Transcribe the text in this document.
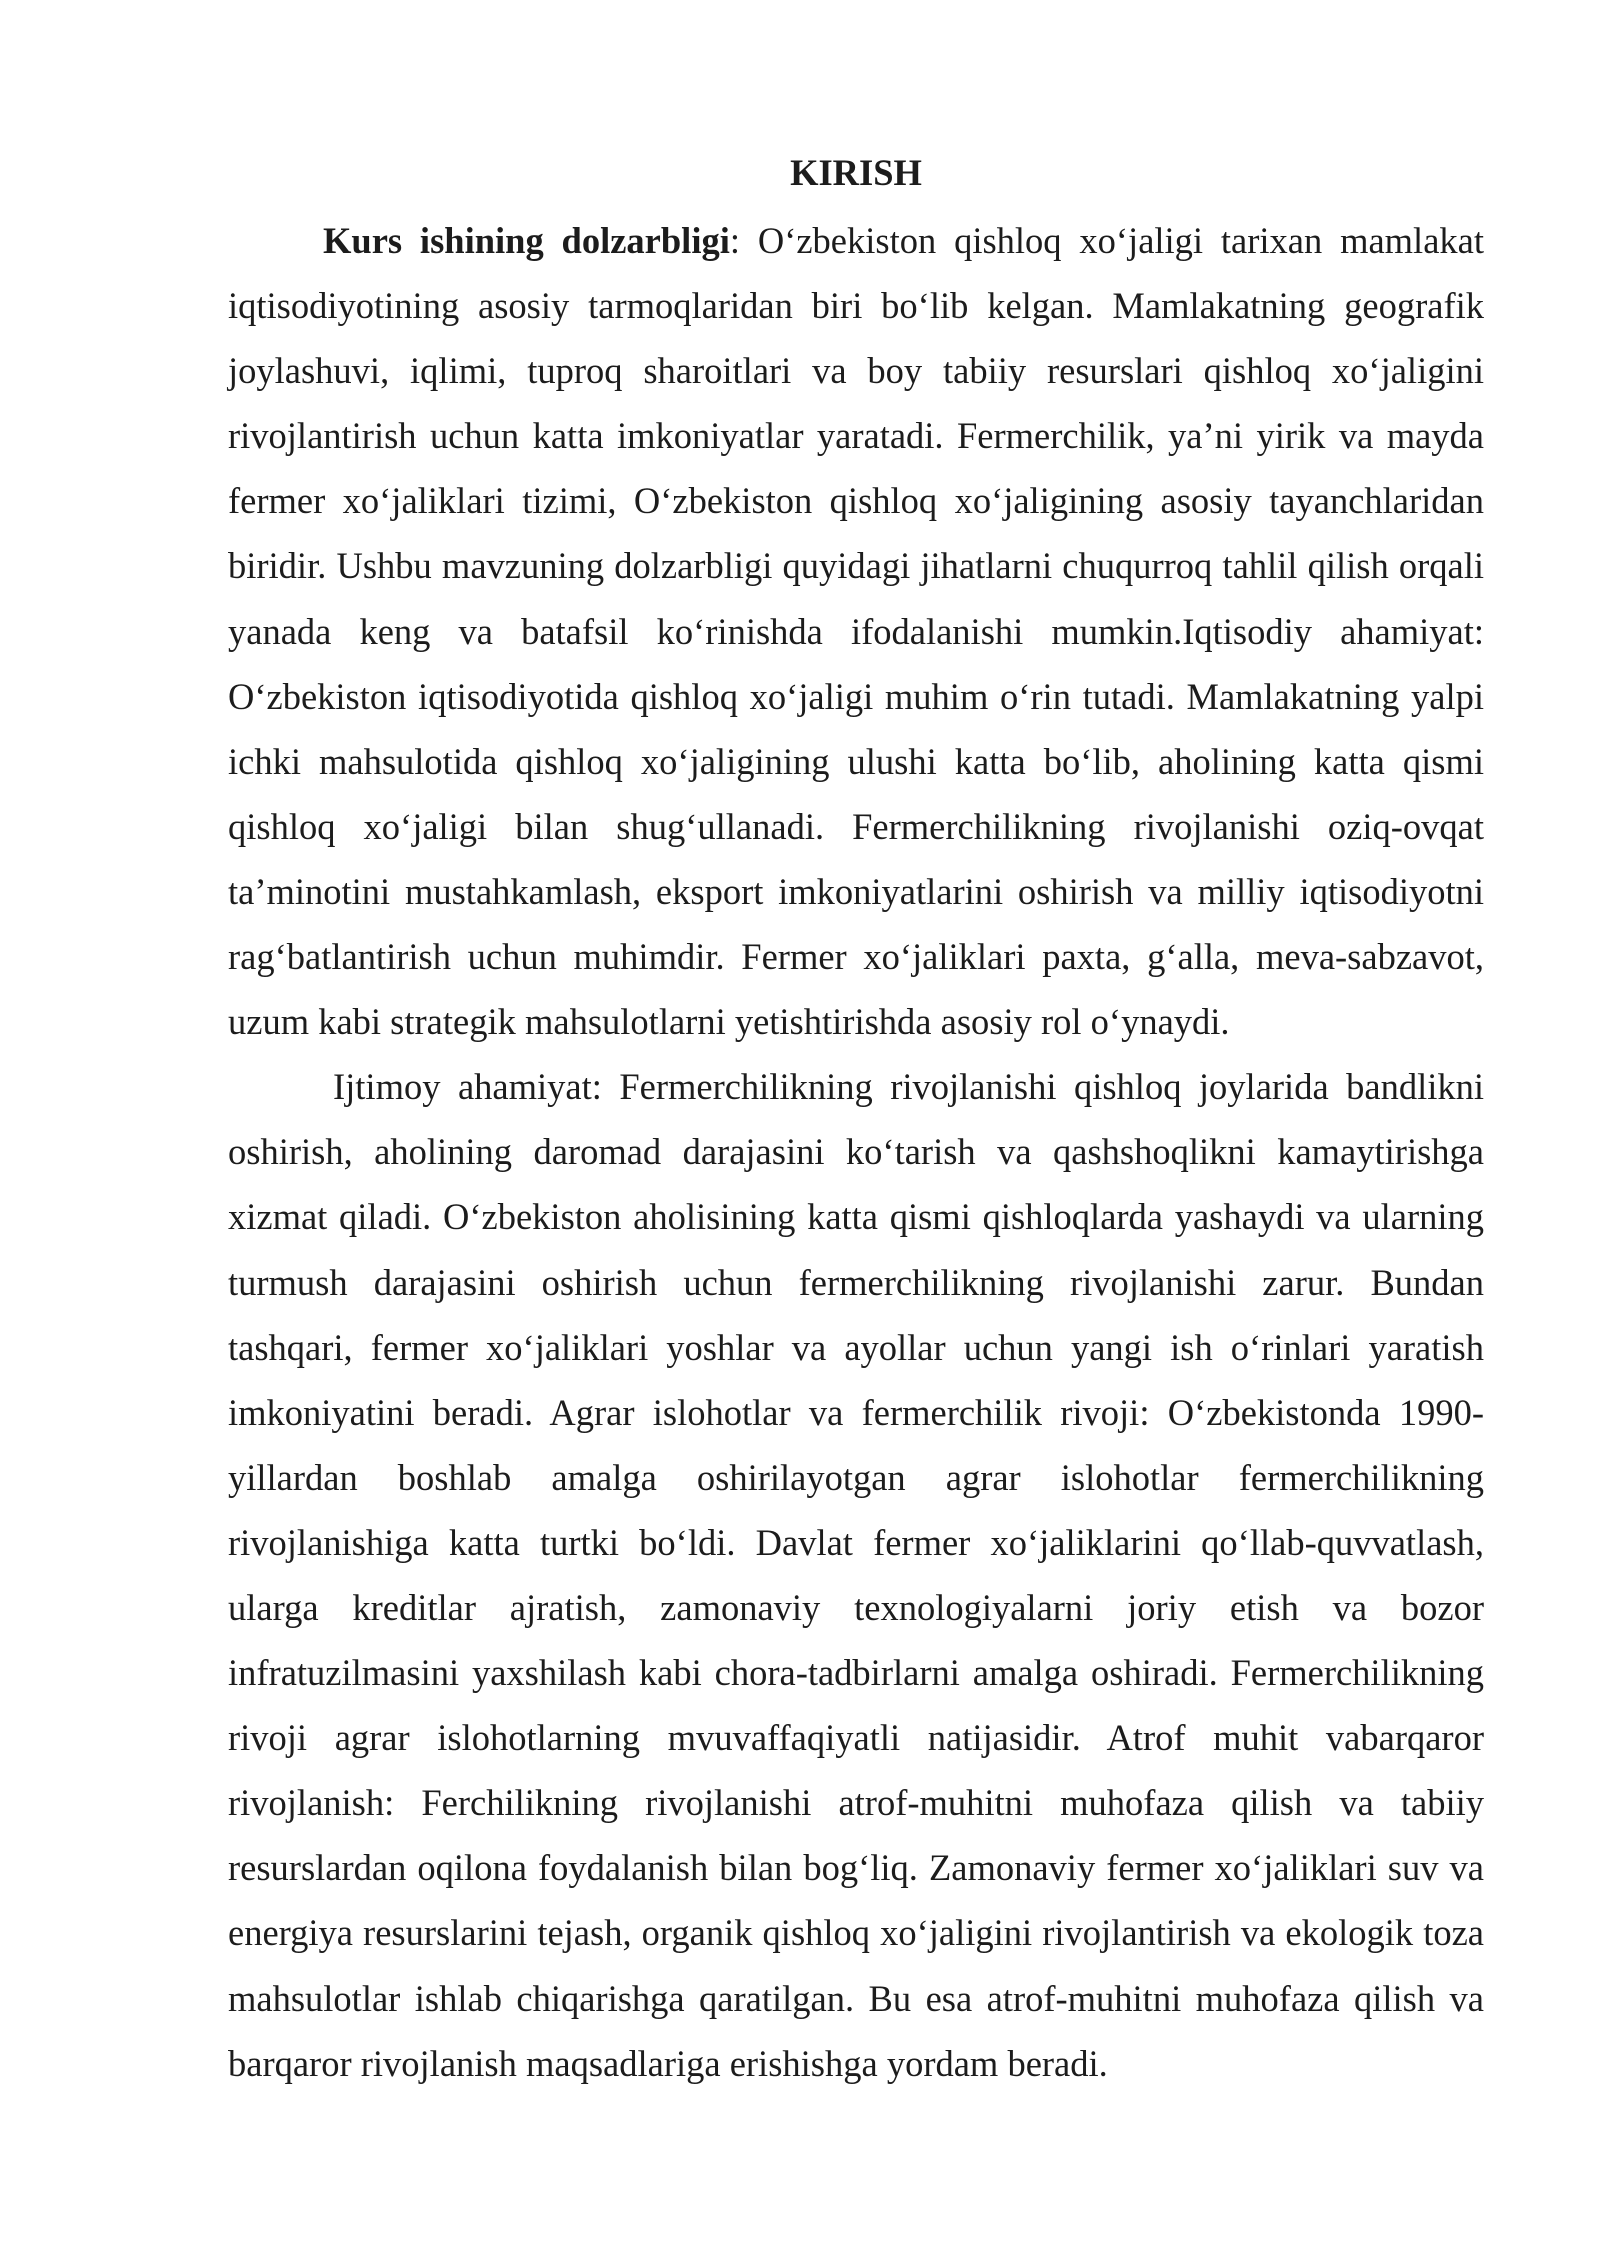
KIRISH

Kurs ishining dolzarbligi: O‘zbekiston qishloq xo‘jaligi tarixan mamlakat iqtisodiyotining asosiy tarmoqlaridan biri bo‘lib kelgan. Mamlakatning geografik joylashuvi, iqlimi, tuproq sharoitlari va boy tabiiy resurslari qishloq xo‘jaligini rivojlantirish uchun katta imkoniyatlar yaratadi. Fermerchilik, ya’ni yirik va mayda fermer xo‘jaliklari tizimi, O‘zbekiston qishloq xo‘jaligining asosiy tayanchlaridan biridir. Ushbu mavzuning dolzarbligi quyidagi jihatlarni chuqurroq tahlil qilish orqali yanada keng va batafsil ko‘rinishda ifodalanishi mumkin.Iqtisodiy ahamiyat: O‘zbekiston iqtisodiyotida qishloq xo‘jaligi muhim o‘rin tutadi. Mamlakatning yalpi ichki mahsulotida qishloq xo‘jaligining ulushi katta bo‘lib, aholining katta qismi qishloq xo‘jaligi bilan shug‘ullanadi. Fermerchilikning rivojlanishi oziq-ovqat ta’minotini mustahkamlash, eksport imkoniyatlarini oshirish va milliy iqtisodiyotni rag‘batlantirish uchun muhimdir. Fermer xo‘jaliklari paxta, g‘alla, meva-sabzavot, uzum kabi strategik mahsulotlarni yetishtirishda asosiy rol o‘ynaydi.

Ijtimoy ahamiyat: Fermerchilikning rivojlanishi qishloq joylarida bandlikni oshirish, aholining daromad darajasini ko‘tarish va qashshoqlikni kamaytirishga xizmat qiladi. O‘zbekiston aholisining katta qismi qishloqlarda yashaydi va ularning turmush darajasini oshirish uchun fermerchilikning rivojlanishi zarur. Bundan tashqari, fermer xo‘jaliklari yoshlar va ayollar uchun yangi ish o‘rinlari yaratish imkoniyatini beradi. Agrar islohotlar va fermerchilik rivoji: O‘zbekistonda 1990-yillardan boshlab amalga oshirilayotgan agrar islohotlar fermerchilikning rivojlanishiga katta turtki bo‘ldi. Davlat fermer xo‘jaliklarini qo‘llab-quvvatlash, ularga kreditlar ajratish, zamonaviy texnologiyalarni joriy etish va bozor infratuzilmasini yaxshilash kabi chora-tadbirlarni amalga oshiradi. Fermerchilikning rivoji agrar islohotlarning mvuvaffaqiyatli natijasidir. Atrof muhit vabarqaror rivojlanish: Ferchilikning rivojlanishi atrof-muhitni muhofaza qilish va tabiiy resurslardan oqilona foydalanish bilan bog‘liq. Zamonaviy fermer xo‘jaliklari suv va energiya resurslarini tejash, organik qishloq xo‘jaligini rivojlantirish va ekologik toza mahsulotlar ishlab chiqarishga qaratilgan. Bu esa atrof-muhitni muhofaza qilish va barqaror rivojlanish maqsadlariga erishishga yordam beradi.
